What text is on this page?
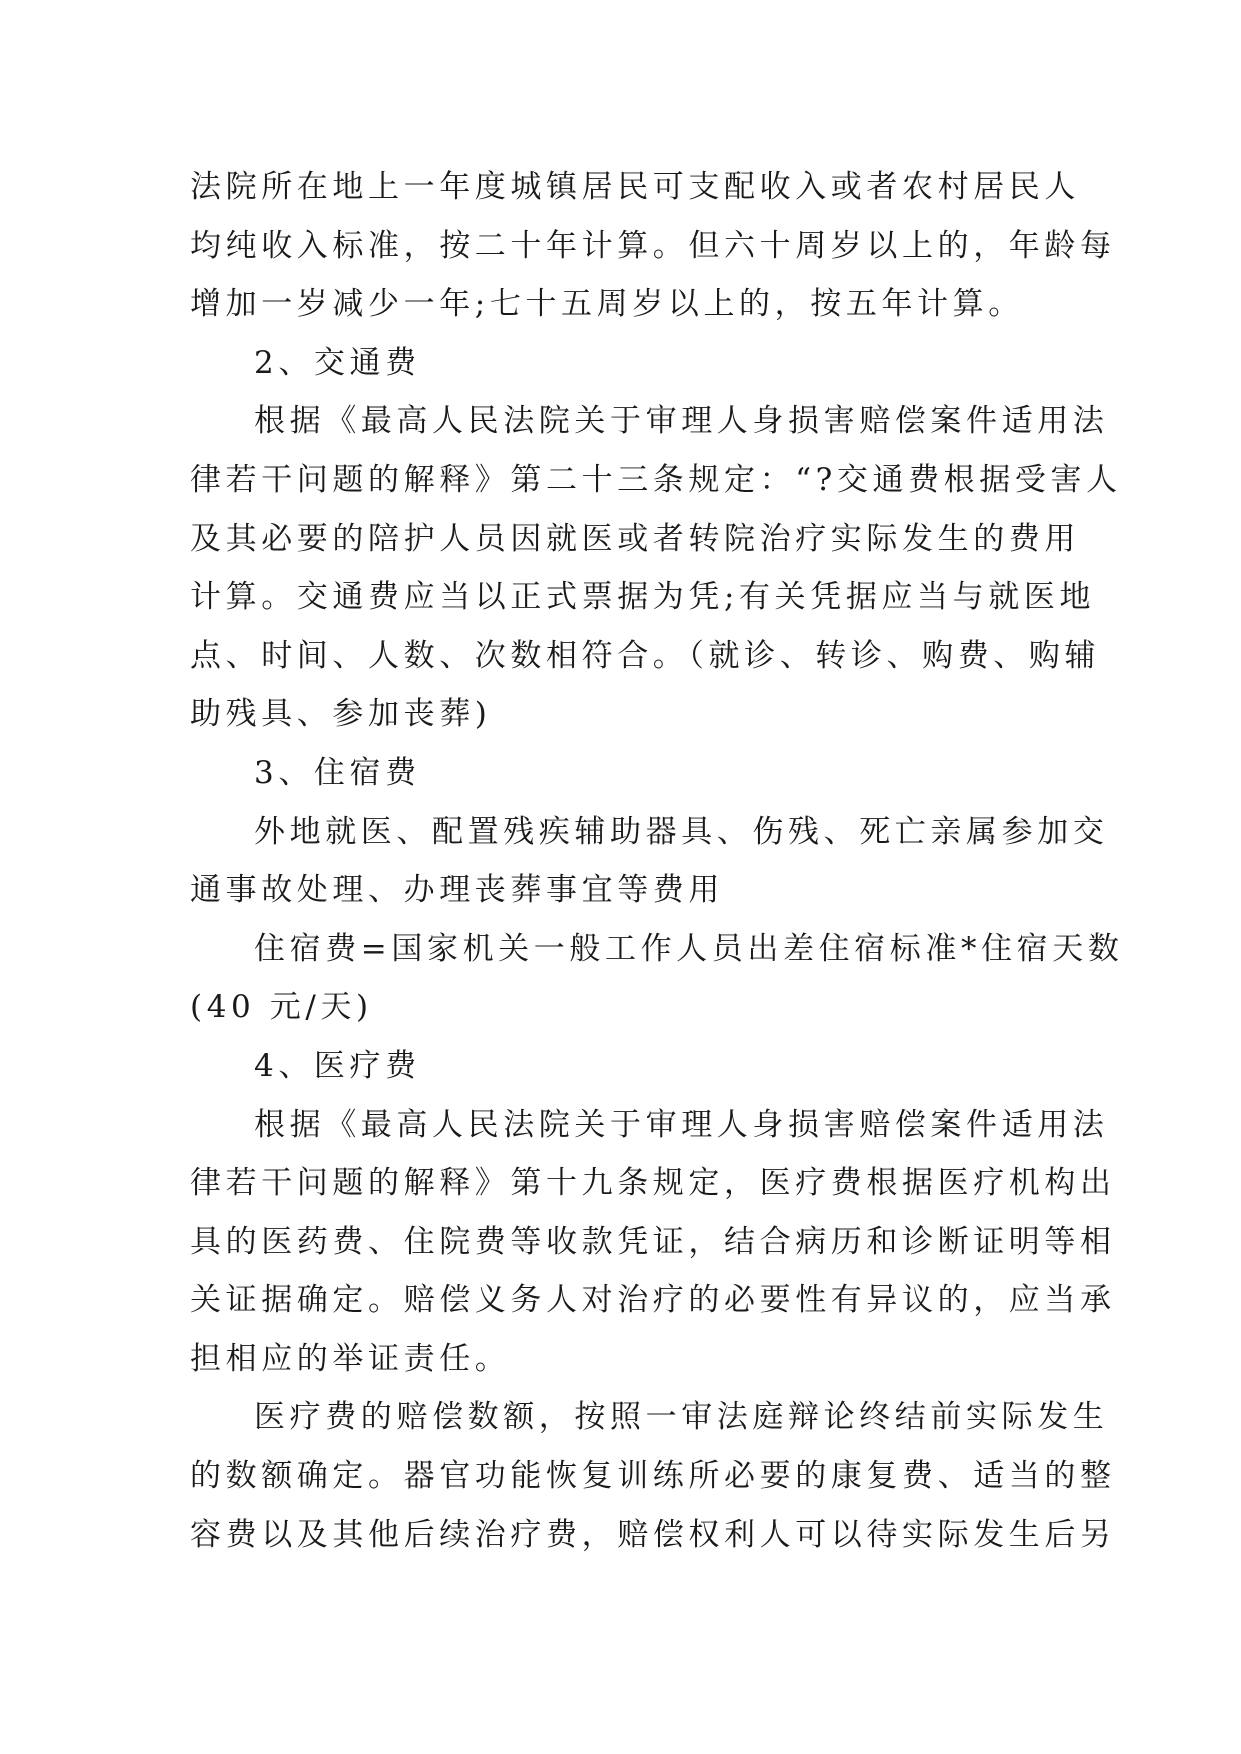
法院所在地上一年度城镇居民可支配收入或者农村居民人
均纯收入标准，按二十年计算。但六十周岁以上的，年龄每
增加一岁减少一年;七十五周岁以上的，按五年计算。

2、交通费

根据《最高人民法院关于审理人身损害赔偿案件适用法
律若干问题的解释》第二十三条规定：“?交通费根据受害人
及其必要的陪护人员因就医或者转院治疗实际发生的费用
计算。交通费应当以正式票据为凭;有关凭据应当与就医地
点、时间、人数、次数相符合。（就诊、转诊、购费、购辅
助残具、参加丧葬)

3、住宿费

外地就医、配置残疾辅助器具、伤残、死亡亲属参加交
通事故处理、办理丧葬事宜等费用

住宿费=国家机关一般工作人员出差住宿标准*住宿天数
(40 元/天)

4、医疗费

根据《最高人民法院关于审理人身损害赔偿案件适用法
律若干问题的解释》第十九条规定，医疗费根据医疗机构出
具的医药费、住院费等收款凭证，结合病历和诊断证明等相
关证据确定。赔偿义务人对治疗的必要性有异议的，应当承
担相应的举证责任。

医疗费的赔偿数额，按照一审法庭辩论终结前实际发生
的数额确定。器官功能恢复训练所必要的康复费、适当的整
容费以及其他后续治疗费，赔偿权利人可以待实际发生后另
